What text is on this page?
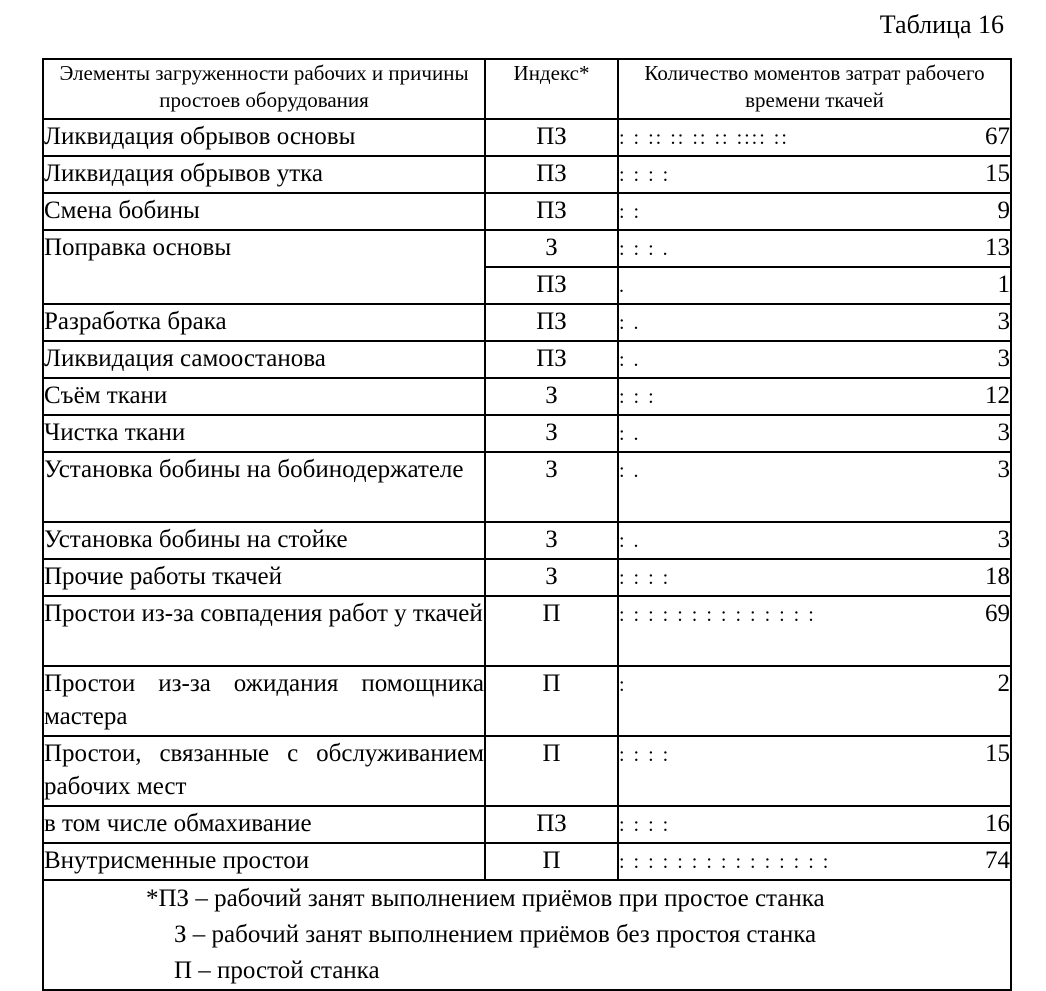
Таблица 16
Элементы загруженности рабочих и причины простоев оборудования	Индекс*	Количество моментов затрат рабочего времени ткачей
Ликвидация обрывов основы	ПЗ	: : :: :: :: :: :::: :: 67

Ликвидация обрывов утка	ПЗ	: : : : 15

Смена бобины	ПЗ	: : 9

Поправка основы	З	: : : . 13

	ПЗ	. 1

Разработка брака	ПЗ	: . 3

Ликвидация самоостанова	ПЗ	: . 3

Съём ткани	З	: : : 12

Чистка ткани	З	: . 3

Установка бобины на бобинодержателе	З	: . 3

Установка бобины на стойке	З	: . 3

Прочие работы ткачей	З	: : : : 18

Простои из-за совпадения работ у ткачей	П	: : : : : : : : : : : : : : 69

Простои из-за ожидания помощника мастера	П	: 2

Простои, связанные с обслуживанием рабочих мест	П	: : : : 15

в том числе обмахивание	ПЗ	: : : : 16

Внутрисменные простои	П	: : : : : : : : : : : : : : : 74

*ПЗ – рабочий занят выполнением приёмов при простое станка
З – рабочий занят выполнением приёмов без простоя станка
П – простой станка		
